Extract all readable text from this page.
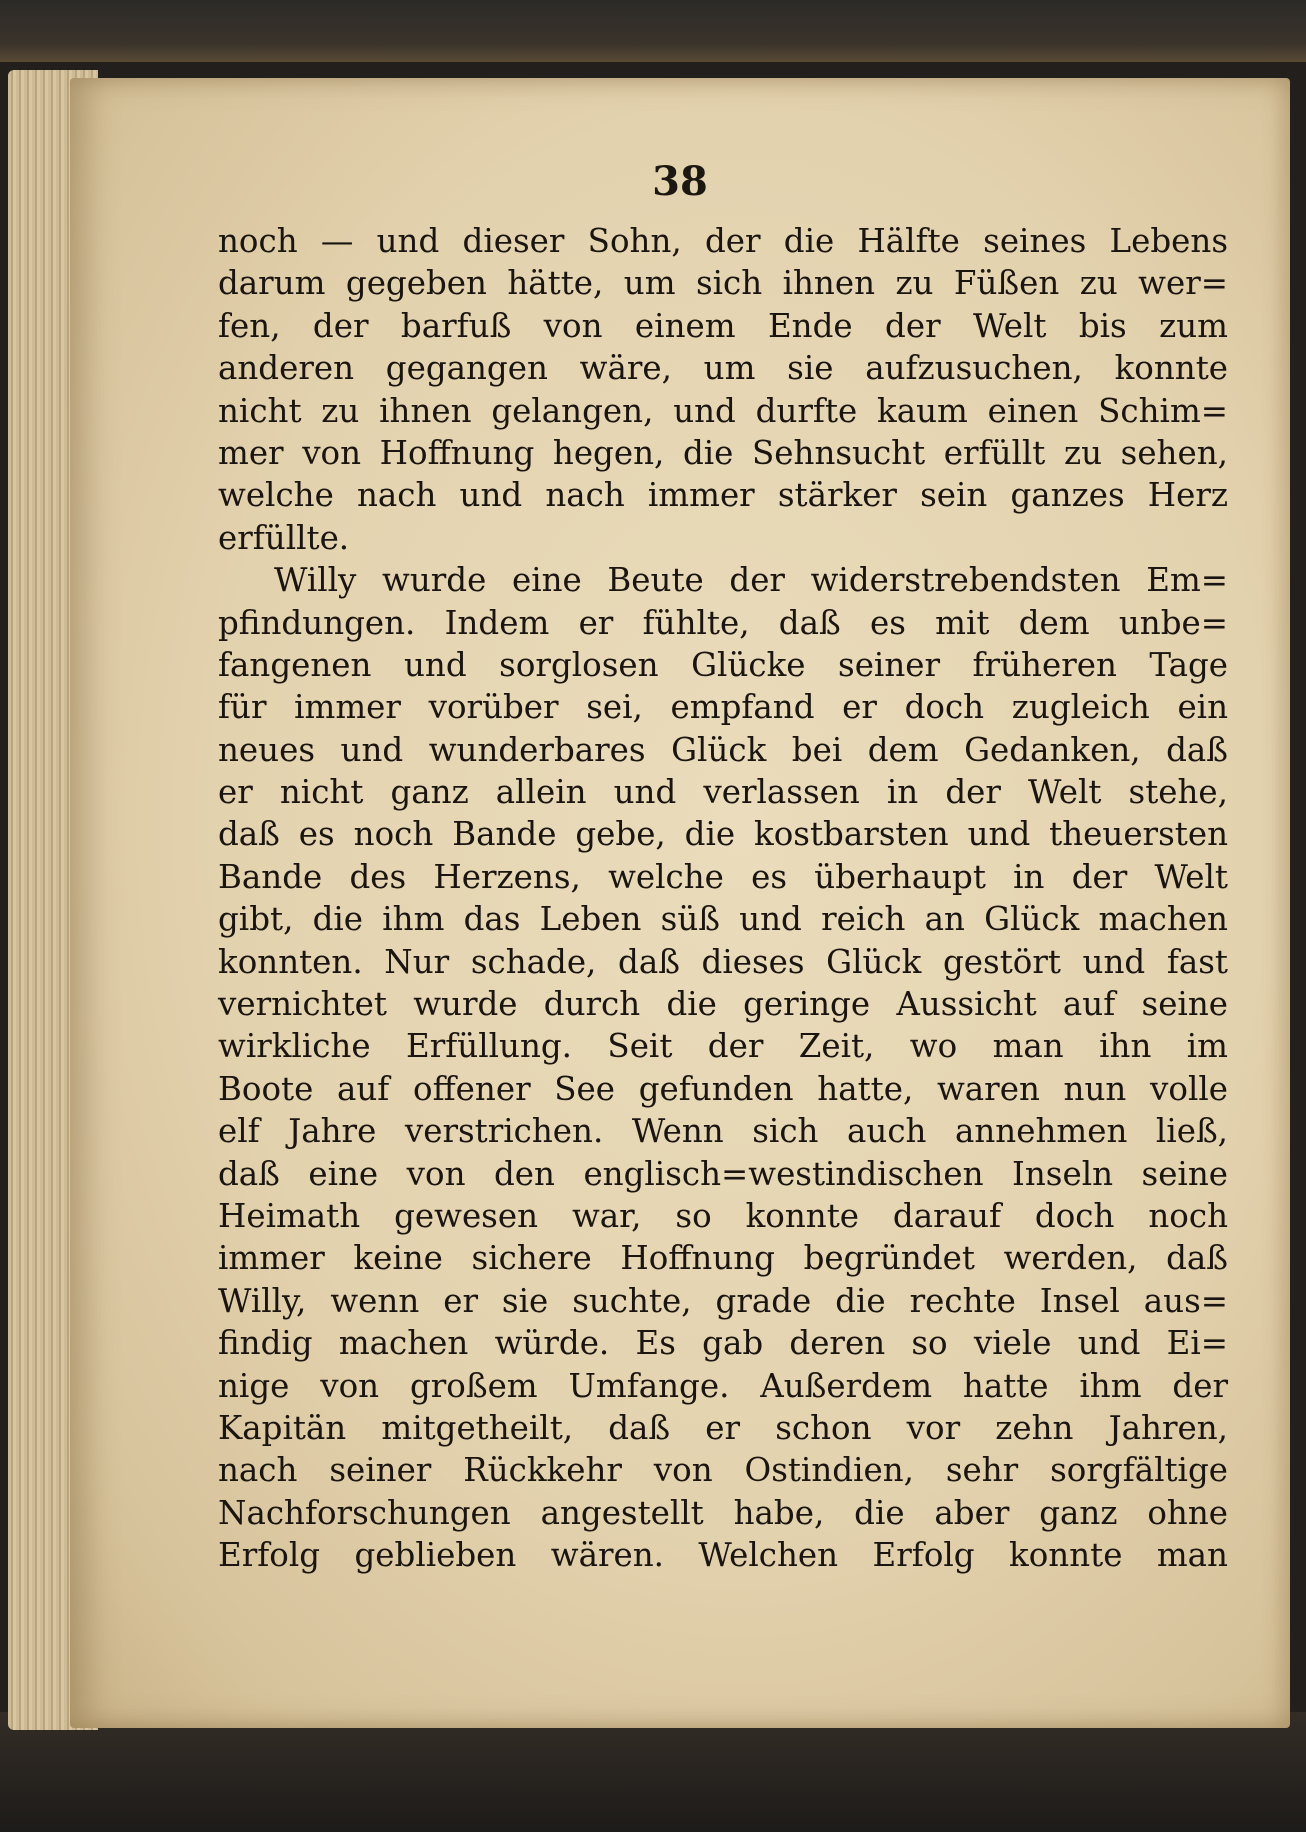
38
noch — und dieser Sohn, der die Hälfte seines Lebens
darum gegeben hätte, um sich ihnen zu Füßen zu wer=
fen, der barfuß von einem Ende der Welt bis zum
anderen gegangen wäre, um sie aufzusuchen, konnte
nicht zu ihnen gelangen, und durfte kaum einen Schim=
mer von Hoffnung hegen, die Sehnsucht erfüllt zu sehen,
welche nach und nach immer stärker sein ganzes Herz
erfüllte.
Willy wurde eine Beute der widerstrebendsten Em=
pfindungen. Indem er fühlte, daß es mit dem unbe=
fangenen und sorglosen Glücke seiner früheren Tage
für immer vorüber sei, empfand er doch zugleich ein
neues und wunderbares Glück bei dem Gedanken, daß
er nicht ganz allein und verlassen in der Welt stehe,
daß es noch Bande gebe, die kostbarsten und theuersten
Bande des Herzens, welche es überhaupt in der Welt
gibt, die ihm das Leben süß und reich an Glück machen
konnten. Nur schade, daß dieses Glück gestört und fast
vernichtet wurde durch die geringe Aussicht auf seine
wirkliche Erfüllung. Seit der Zeit, wo man ihn im
Boote auf offener See gefunden hatte, waren nun volle
elf Jahre verstrichen. Wenn sich auch annehmen ließ,
daß eine von den englisch=westindischen Inseln seine
Heimath gewesen war, so konnte darauf doch noch
immer keine sichere Hoffnung begründet werden, daß
Willy, wenn er sie suchte, grade die rechte Insel aus=
findig machen würde. Es gab deren so viele und Ei=
nige von großem Umfange. Außerdem hatte ihm der
Kapitän mitgetheilt, daß er schon vor zehn Jahren,
nach seiner Rückkehr von Ostindien, sehr sorgfältige
Nachforschungen angestellt habe, die aber ganz ohne
Erfolg geblieben wären. Welchen Erfolg konnte man
